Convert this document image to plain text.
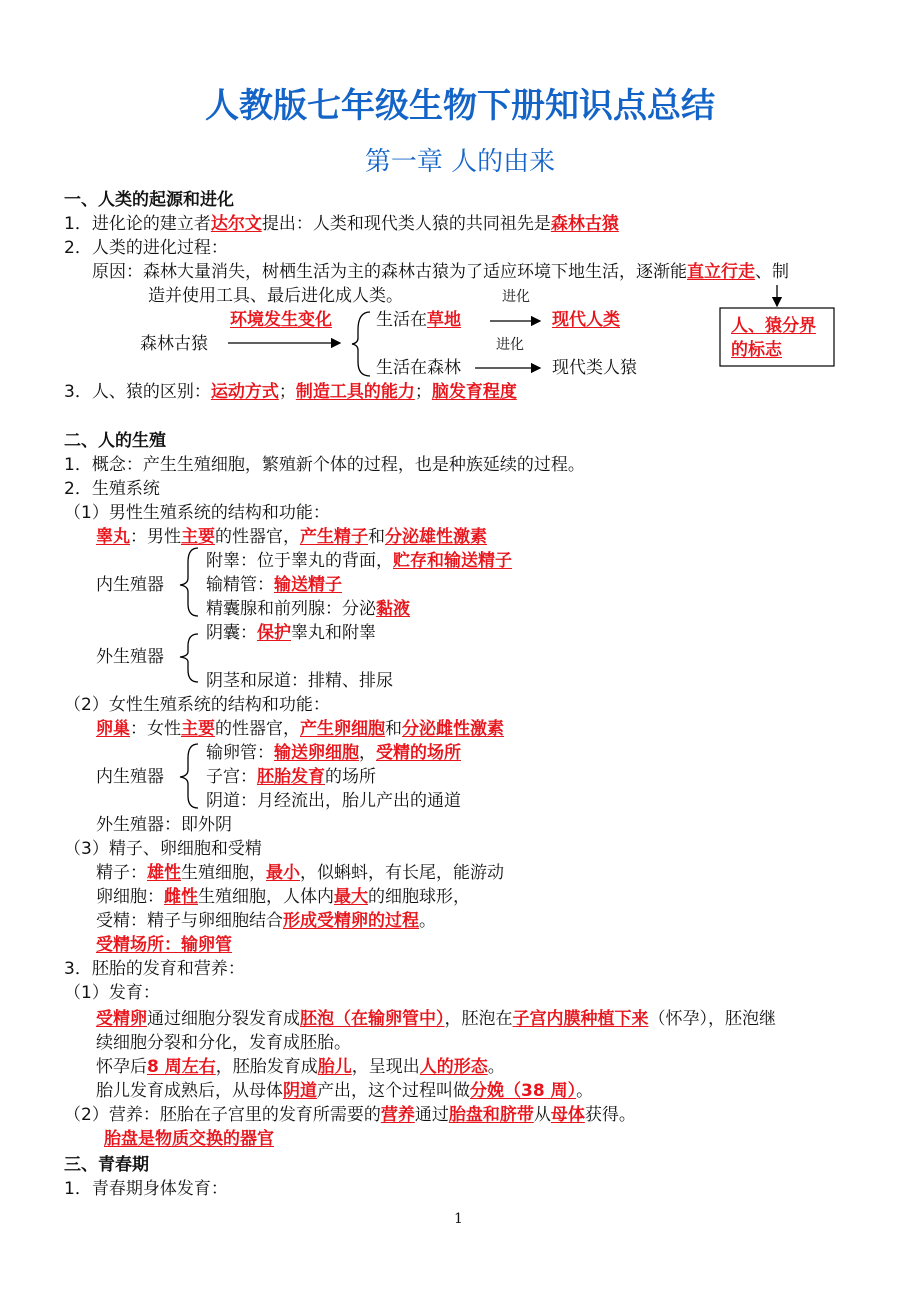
人教版七年级生物下册知识点总结
第一章 人的由来
一、人类的起源和进化
1．进化论的建立者达尔文提出：人类和现代类人猿的共同祖先是森林古猿
2．人类的进化过程：
原因：森林大量消失，树栖生活为主的森林古猿为了适应环境下地生活，逐渐能直立行走、制
造并使用工具、最后进化成人类。	进化
环境发生变化	生活在草地	现代人类
森林古猿	进化
生活在森林	现代类人猿
人、猿分界的标志
3．人、猿的区别：运动方式；制造工具的能力；脑发育程度
二、人的生殖
1．概念：产生生殖细胞，繁殖新个体的过程，也是种族延续的过程。
2．生殖系统
（1）男性生殖系统的结构和功能：
睾丸：男性主要的性器官，产生精子和分泌雄性激素
内生殖器
附睾：位于睾丸的背面，贮存和输送精子
输精管：输送精子
精囊腺和前列腺：分泌黏液
外生殖器
阴囊：保护睾丸和附睾
阴茎和尿道：排精、排尿
（2）女性生殖系统的结构和功能：
卵巢：女性主要的性器官，产生卵细胞和分泌雌性激素
内生殖器
输卵管：输送卵细胞，受精的场所
子宫：胚胎发育的场所
阴道：月经流出，胎儿产出的通道
外生殖器：即外阴
（3）精子、卵细胞和受精
精子：雄性生殖细胞，最小，似蝌蚪，有长尾，能游动
卵细胞：雌性生殖细胞，人体内最大的细胞球形，
受精：精子与卵细胞结合形成受精卵的过程。
受精场所：输卵管
3．胚胎的发育和营养：
（1）发育：
受精卵通过细胞分裂发育成胚泡（在输卵管中），胚泡在子宫内膜种植下来（怀孕），胚泡继
续细胞分裂和分化，发育成胚胎。
怀孕后8 周左右，胚胎发育成胎儿，呈现出人的形态。
胎儿发育成熟后，从母体阴道产出，这个过程叫做分娩（38 周）。
（2）营养：胚胎在子宫里的发育所需要的营养通过胎盘和脐带从母体获得。
胎盘是物质交换的器官
三、青春期
1．青春期身体发育：
1
